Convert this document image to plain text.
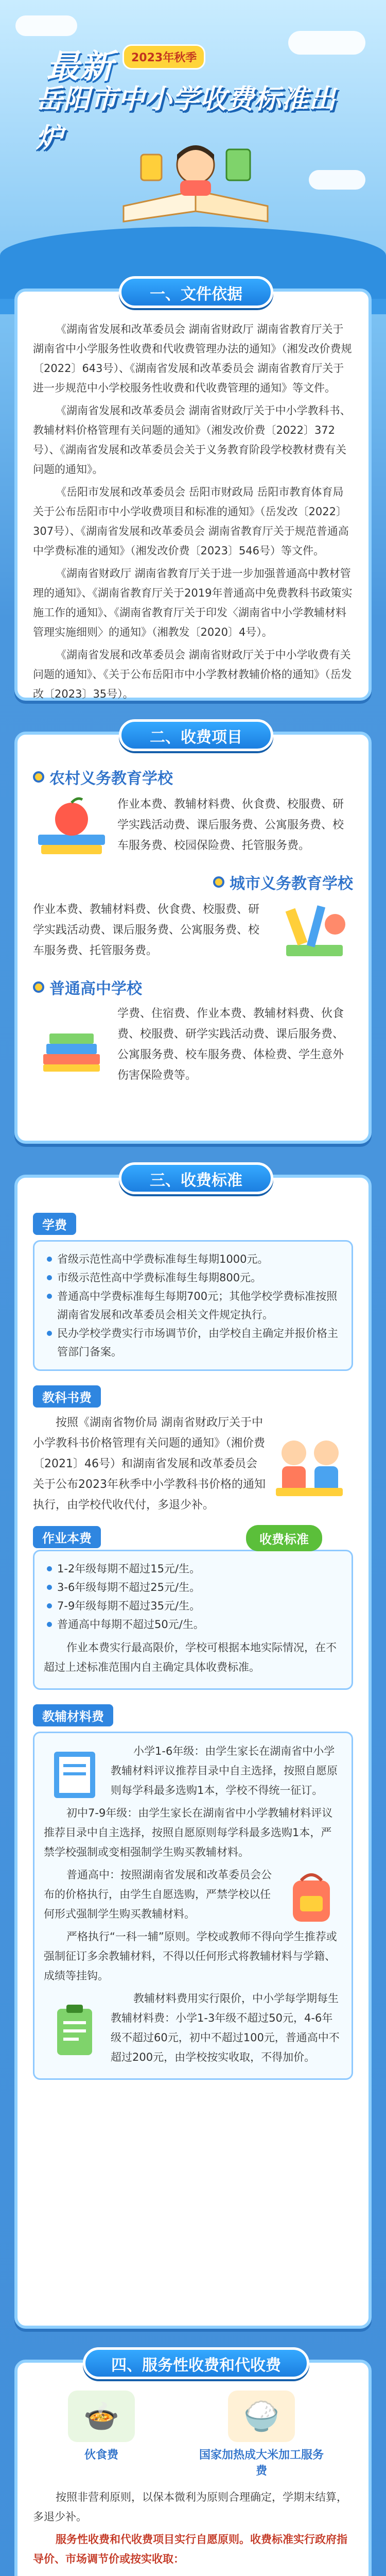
最新	2023年秋季
岳阳市中小学收费标准出炉
一、文件依据

《湖南省发展和改革委员会 湖南省财政厅 湖南省教育厅关于湖南省中小学服务性收费和代收费管理办法的通知》（湘发改价费规〔2022〕643号）、《湖南省发展和改革委员会 湖南省教育厅关于进一步规范中小学校服务性收费和代收费管理的通知》等文件。

《湖南省发展和改革委员会 湖南省财政厅关于中小学教科书、教辅材料价格管理有关问题的通知》（湘发改价费〔2022〕372号）、《湖南省发展和改革委员会关于义务教育阶段学校教材费有关问题的通知》。

《岳阳市发展和改革委员会 岳阳市财政局 岳阳市教育体育局关于公布岳阳市中小学收费项目和标准的通知》（岳发改〔2022〕307号）、《湖南省发展和改革委员会 湖南省教育厅关于规范普通高中学费标准的通知》（湘发改价费〔2023〕546号）等文件。

《湖南省财政厅 湖南省教育厅关于进一步加强普通高中教材管理的通知》、《湖南省教育厅关于2019年普通高中免费教科书政策实施工作的通知》、《湖南省教育厅关于印发〈湖南省中小学教辅材料管理实施细则〉的通知》（湘教发〔2020〕4号）。

《湖南省发展和改革委员会 湖南省财政厅关于中小学收费有关问题的通知》、《关于公布岳阳市中小学教材教辅价格的通知》（岳发改〔2023〕35号）。

二、收费项目
农村义务教育学校

作业本费、教辅材料费、伙食费、校服费、研学实践活动费、课后服务费、公寓服务费、校车服务费、校园保险费、托管服务费。

城市义务教育学校

作业本费、教辅材料费、伙食费、校服费、研学实践活动费、课后服务费、公寓服务费、校车服务费、托管服务费。

普通高中学校

学费、住宿费、作业本费、教辅材料费、伙食费、校服费、研学实践活动费、课后服务费、公寓服务费、校车服务费、体检费、学生意外伤害保险费等。

三、收费标准
学费
省级示范性高中学费标准每生每期1000元。
市级示范性高中学费标准每生每期800元。
普通高中学费标准每生每期700元；其他学校学费标准按照湖南省发展和改革委员会相关文件规定执行。
民办学校学费实行市场调节价，由学校自主确定并报价格主管部门备案。
教科书费

按照《湖南省物价局 湖南省财政厅关于中小学教科书价格管理有关问题的通知》（湘价费〔2021〕46号）和湖南省发展和改革委员会关于公布2023年秋季中小学教科书价格的通知执行，由学校代收代付，多退少补。

作业本费	收费标准
1-2年级每期不超过15元/生。
3-6年级每期不超过25元/生。
7-9年级每期不超过35元/生。
普通高中每期不超过50元/生。

作业本费实行最高限价，学校可根据本地实际情况，在不超过上述标准范围内自主确定具体收费标准。

教辅材料费

小学1-6年级：由学生家长在湖南省中小学教辅材料评议推荐目录中自主选择，按照自愿原则每学科最多选购1本，学校不得统一征订。

初中7-9年级：由学生家长在湖南省中小学教辅材料评议推荐目录中自主选择，按照自愿原则每学科最多选购1本，严禁学校强制或变相强制学生购买教辅材料。

普通高中：按照湖南省发展和改革委员会公布的价格执行，由学生自愿选购，严禁学校以任何形式强制学生购买教辅材料。

严格执行“一科一辅”原则。学校或教师不得向学生推荐或强制征订多余教辅材料，不得以任何形式将教辅材料与学籍、成绩等挂钩。

教辅材料费用实行限价，中小学每学期每生教辅材料费：小学1-3年级不超过50元，4-6年级不超过60元，初中不超过100元，普通高中不超过200元，由学校按实收取，不得加价。

四、服务性收费和代收费
🍲
伙食费
🍚
国家加热成大米加工服务费

按照非营利原则，以保本微利为原则合理确定，学期末结算，多退少补。

服务性收费和代收费项目实行自愿原则。收费标准实行政府指导价、市场调节价或按实收取：
